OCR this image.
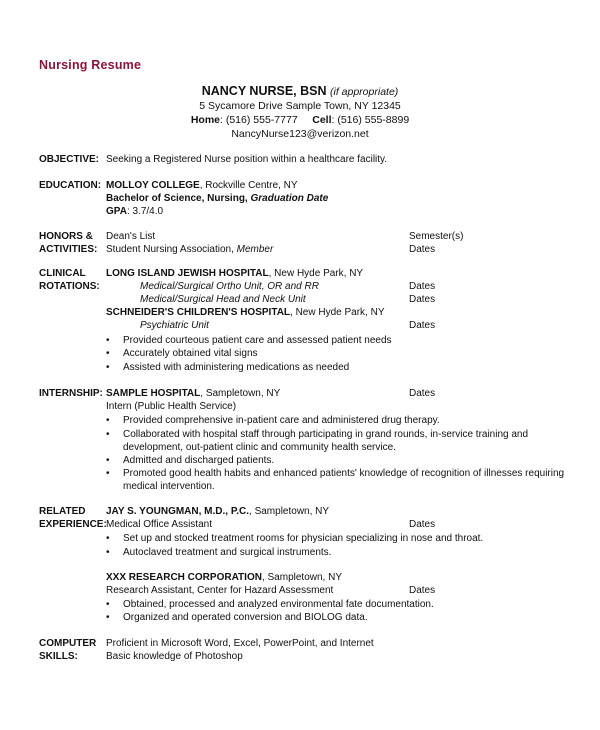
Nursing Resume
NANCY NURSE, BSN (if appropriate)
5 Sycamore Drive Sample Town, NY 12345
Home: (516) 555-7777 Cell: (516) 555-8899
NancyNurse123@verizon.net
OBJECTIVE: Seeking a Registered Nurse position within a healthcare facility.
EDUCATION: MOLLOY COLLEGE, Rockville Centre, NY
Bachelor of Science, Nursing, Graduation Date
GPA: 3.7/4.0
HONORS &
ACTIVITIES:
Dean's List	Semester(s)
Student Nursing Association, Member	Dates
CLINICAL
ROTATIONS:
LONG ISLAND JEWISH HOSPITAL, New Hyde Park, NY
Medical/Surgical Ortho Unit, OR and RR	Dates
Medical/Surgical Head and Neck Unit	Dates
SCHNEIDER'S CHILDREN'S HOSPITAL, New Hyde Park, NY
Psychiatric Unit	Dates
• Provided courteous patient care and assessed patient needs
• Accurately obtained vital signs
• Assisted with administering medications as needed
INTERNSHIP: SAMPLE HOSPITAL, Sampletown, NY	Dates
Intern (Public Health Service)
• Provided comprehensive in-patient care and administered drug therapy.
• Collaborated with hospital staff through participating in grand rounds, in-service training and development, out-patient clinic and community health service.
• Admitted and discharged patients.
• Promoted good health habits and enhanced patients' knowledge of recognition of illnesses requiring medical intervention.
RELATED
EXPERIENCE:
JAY S. YOUNGMAN, M.D., P.C., Sampletown, NY
Medical Office Assistant	Dates
• Set up and stocked treatment rooms for physician specializing in nose and throat.
• Autoclaved treatment and surgical instruments.
XXX RESEARCH CORPORATION, Sampletown, NY
Research Assistant, Center for Hazard Assessment	Dates
• Obtained, processed and analyzed environmental fate documentation.
• Organized and operated conversion and BIOLOG data.
COMPUTER
SKILLS:
Proficient in Microsoft Word, Excel, PowerPoint, and Internet
Basic knowledge of Photoshop
